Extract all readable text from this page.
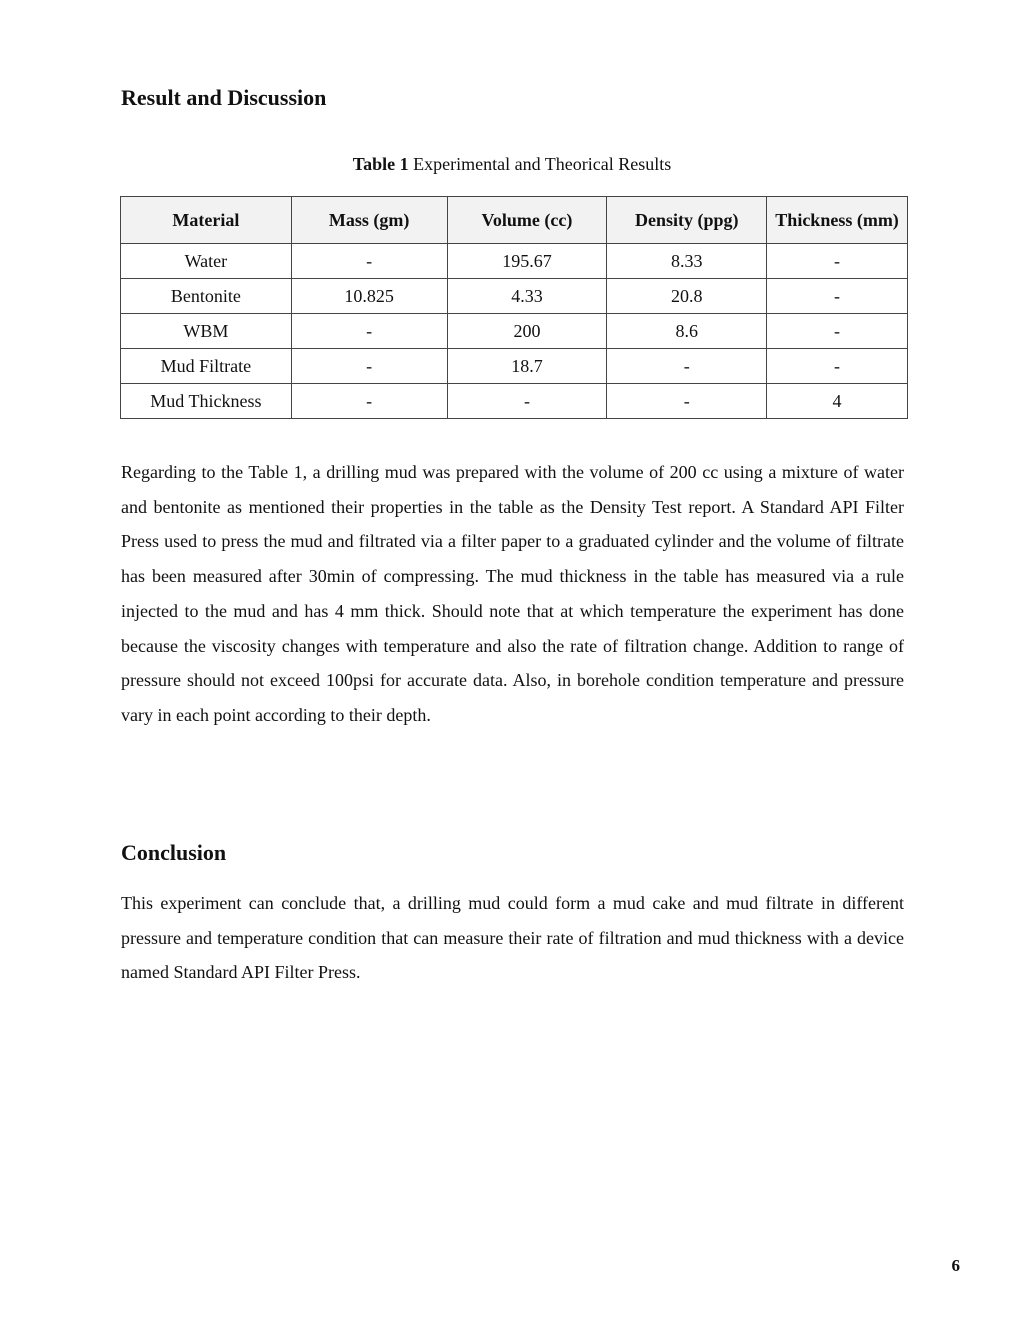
Result and Discussion
Table 1 Experimental and Theorical Results
Material	Mass (gm)	Volume (cc)	Density (ppg)	Thickness (mm)
Water	-	195.67	8.33	-
Bentonite	10.825	4.33	20.8	-
WBM	-	200	8.6	-
Mud Filtrate	-	18.7	-	-
Mud Thickness	-	-	-	4

Regarding to the Table 1, a drilling mud was prepared with the volume of 200 cc using a mixture of water and bentonite as mentioned their properties in the table as the Density Test report. A Standard API Filter Press used to press the mud and filtrated via a filter paper to a graduated cylinder and the volume of filtrate has been measured after 30min of compressing. The mud thickness in the table has measured via a rule injected to the mud and has 4 mm thick. Should note that at which temperature the experiment has done because the viscosity changes with temperature and also the rate of filtration change. Addition to range of pressure should not exceed 100psi for accurate data. Also, in borehole condition temperature and pressure vary in each point according to their depth.

Conclusion

This experiment can conclude that, a drilling mud could form a mud cake and mud filtrate in different pressure and temperature condition that can measure their rate of filtration and mud thickness with a device named Standard API Filter Press.

6
